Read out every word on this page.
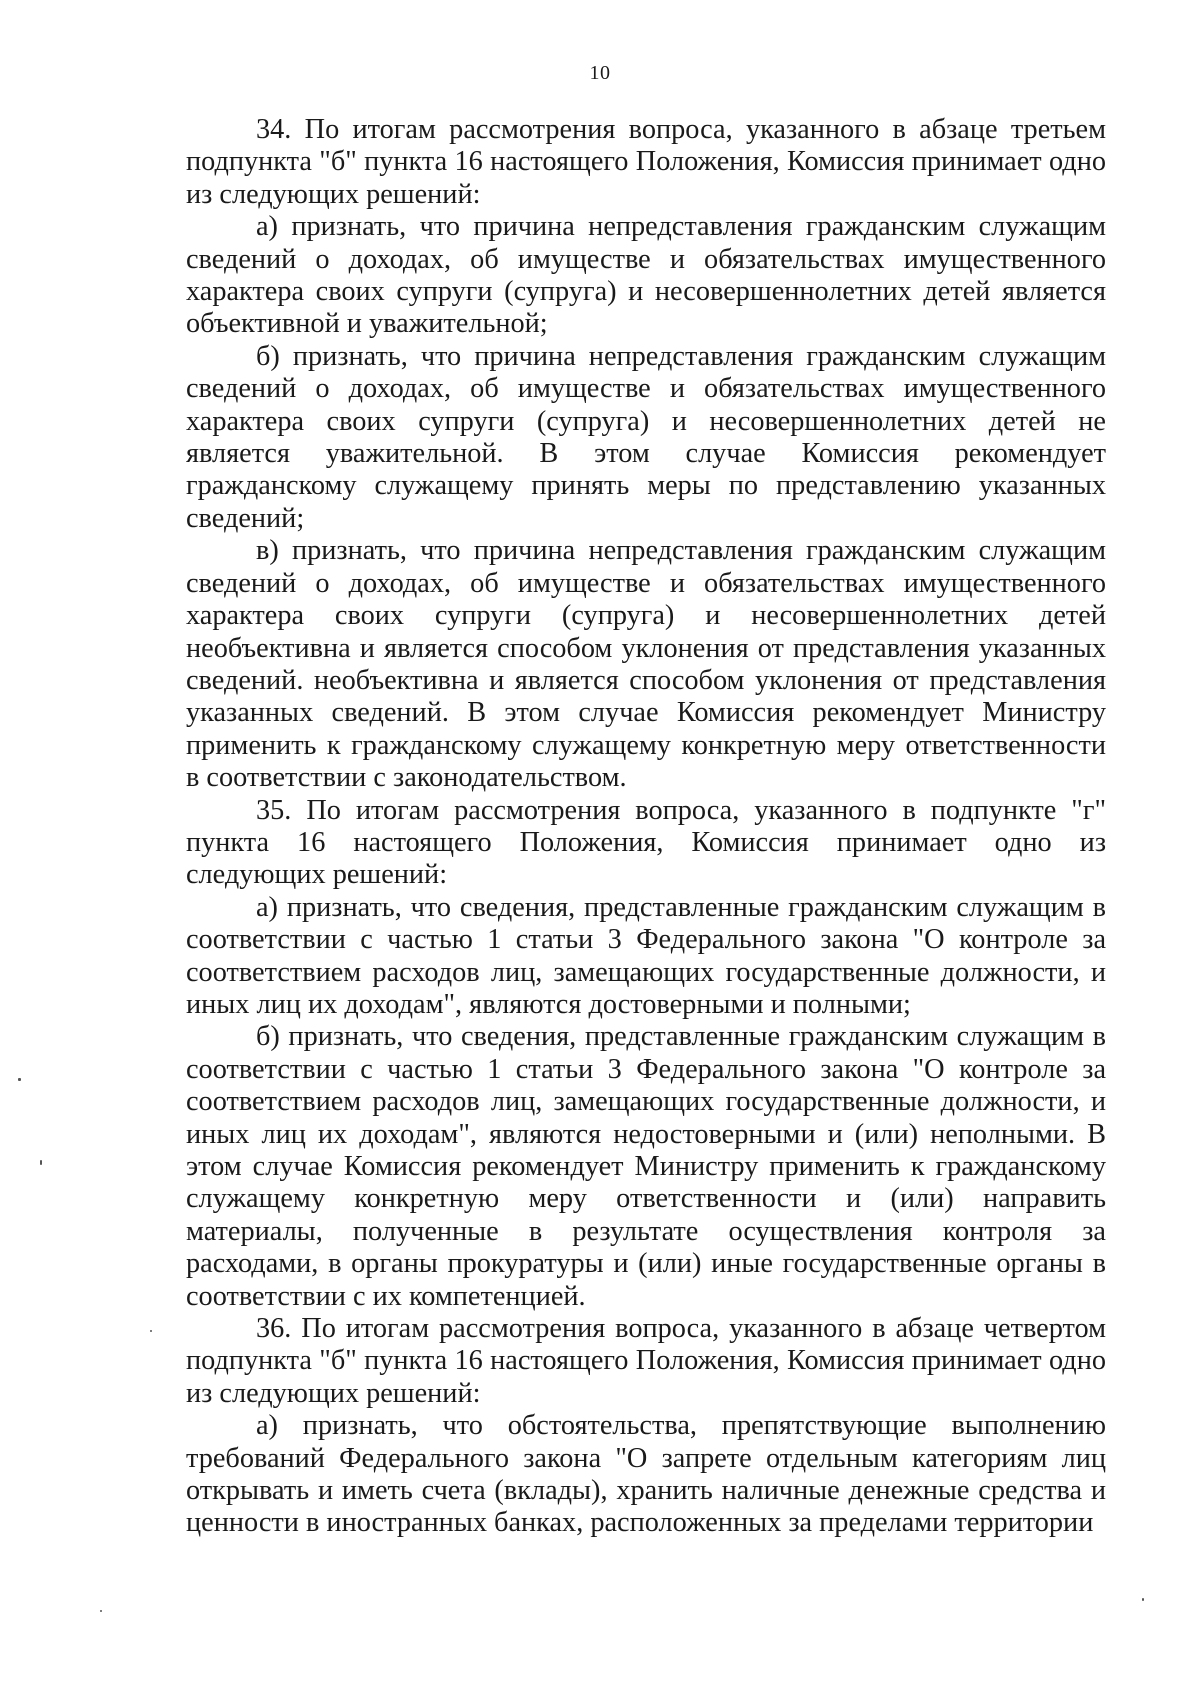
10

34. По итогам рассмотрения вопроса, указанного в абзаце третьем подпункта "б" пункта 16 настоящего Положения, Комиссия принимает одно из следующих решений:

а) признать, что причина непредставления гражданским служащим сведений о доходах, об имуществе и обязательствах имущественного характера своих супруги (супруга) и несовершеннолетних детей является объективной и уважительной;

б) признать, что причина непредставления гражданским служащим сведений о доходах, об имуществе и обязательствах имущественного характера своих супруги (супруга) и несовершеннолетних детей не является уважительной. В этом случае Комиссия рекомендует гражданскому служащему принять меры по представлению указанных сведений;

в) признать, что причина непредставления гражданским служащим сведений о доходах, об имуществе и обязательствах имущественного характера своих супруги (супруга) и несовершеннолетних детей необъективна и является способом уклонения от представления указанных сведений. необъективна и является способом уклонения от представления указанных сведений. В этом случае Комиссия рекомендует Министру применить к гражданскому служащему конкретную меру ответственности в соответствии с законодательством.

35. По итогам рассмотрения вопроса, указанного в подпункте "г" пункта 16 настоящего Положения, Комиссия принимает одно из следующих решений:

а) признать, что сведения, представленные гражданским служащим в соответствии с частью 1 статьи 3 Федерального закона "О контроле за соответствием расходов лиц, замещающих государственные должности, и иных лиц их доходам", являются достоверными и полными;

б) признать, что сведения, представленные гражданским служащим в соответствии с частью 1 статьи 3 Федерального закона "О контроле за соответствием расходов лиц, замещающих государственные должности, и иных лиц их доходам", являются недостоверными и (или) неполными. В этом случае Комиссия рекомендует Министру применить к гражданскому служащему конкретную меру ответственности и (или) направить материалы, полученные в результате осуществления контроля за расходами, в органы прокуратуры и (или) иные государственные органы в соответствии с их компетенцией.

36. По итогам рассмотрения вопроса, указанного в абзаце четвертом подпункта "б" пункта 16 настоящего Положения, Комиссия принимает одно из следующих решений:

а) признать, что обстоятельства, препятствующие выполнению требований Федерального закона "О запрете отдельным категориям лиц открывать и иметь счета (вклады), хранить наличные денежные средства и ценности в иностранных банках, расположенных за пределами территории
